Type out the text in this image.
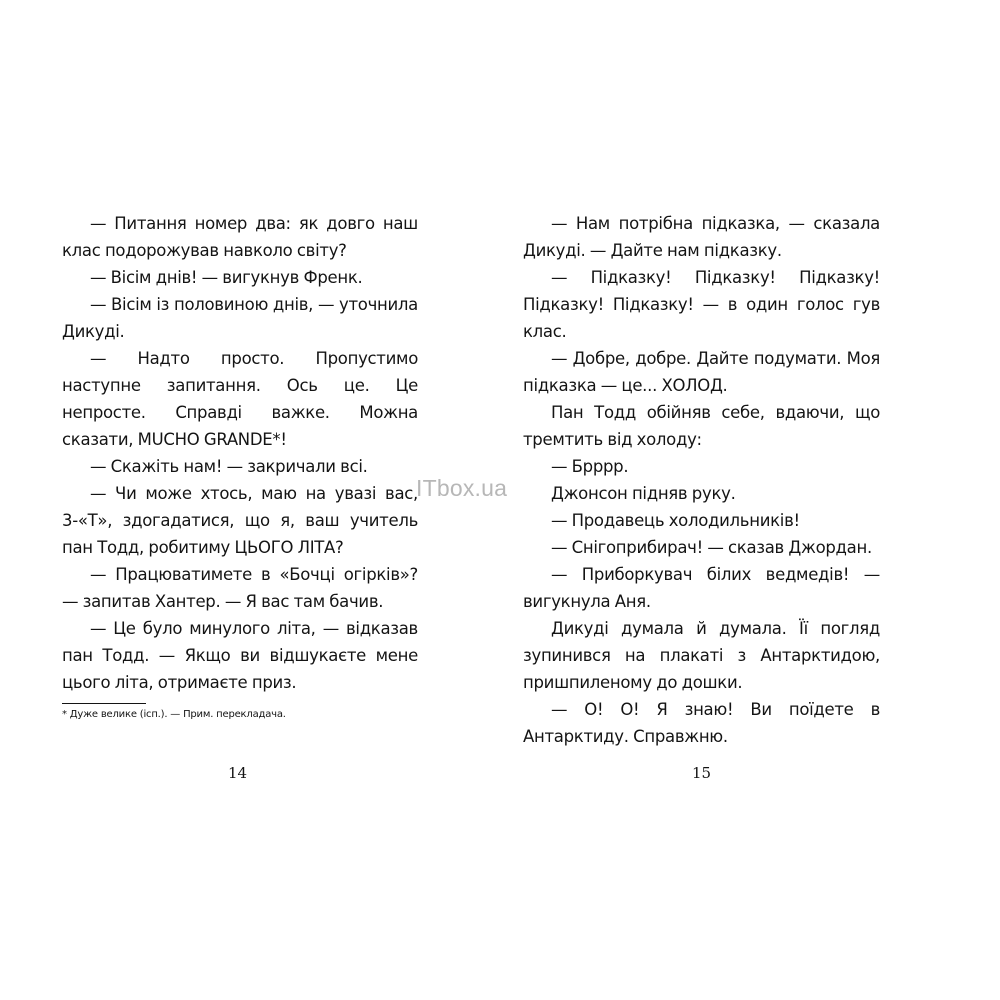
— Питання номер два: як довго наш клас подорожував навколо світу?

— Вісім днів! — вигукнув Френк.

— Вісім із половиною днів, — уточнила Дикуді.

— Надто просто. Пропустимо наступне запитання. Ось це. Це непросте. Справді важке. Можна сказати, MUCHO GRANDE*!

— Скажіть нам! — закричали всі.

— Чи може хтось, маю на увазі вас, 3-«Т», здогадатися, що я, ваш учитель пан Тодд, робитиму ЦЬОГО ЛІТА?

— Працюватимете в «Бочці огірків»? — запитав Хантер. — Я вас там бачив.

— Це було минулого літа, — відказав пан Тодд. — Якщо ви відшукаєте мене цього літа, отримаєте приз.

* Дуже велике (ісп.). — Прим. перекладача.
14

— Нам потрібна підказка, — сказала Дикуді. — Дайте нам підказку.

— Підказку! Підказку! Підказку! Підказку! Підказку! — в один голос гув клас.

— Добре, добре. Дайте подумати. Моя підказка — це... ХОЛОД.

Пан Тодд обійняв себе, вдаючи, що тремтить від холоду:

— Брррр.

Джонсон підняв руку.

— Продавець холодильників!

— Снігоприбирач! — сказав Джордан.

— Приборкувач білих ведмедів! — вигукнула Аня.

Дикуді думала й думала. Її погляд зупинився на плакаті з Антарктидою, пришпиленому до дошки.

— О! О! Я знаю! Ви поїдете в Антарктиду. Справжню.

15
ITbox.ua
